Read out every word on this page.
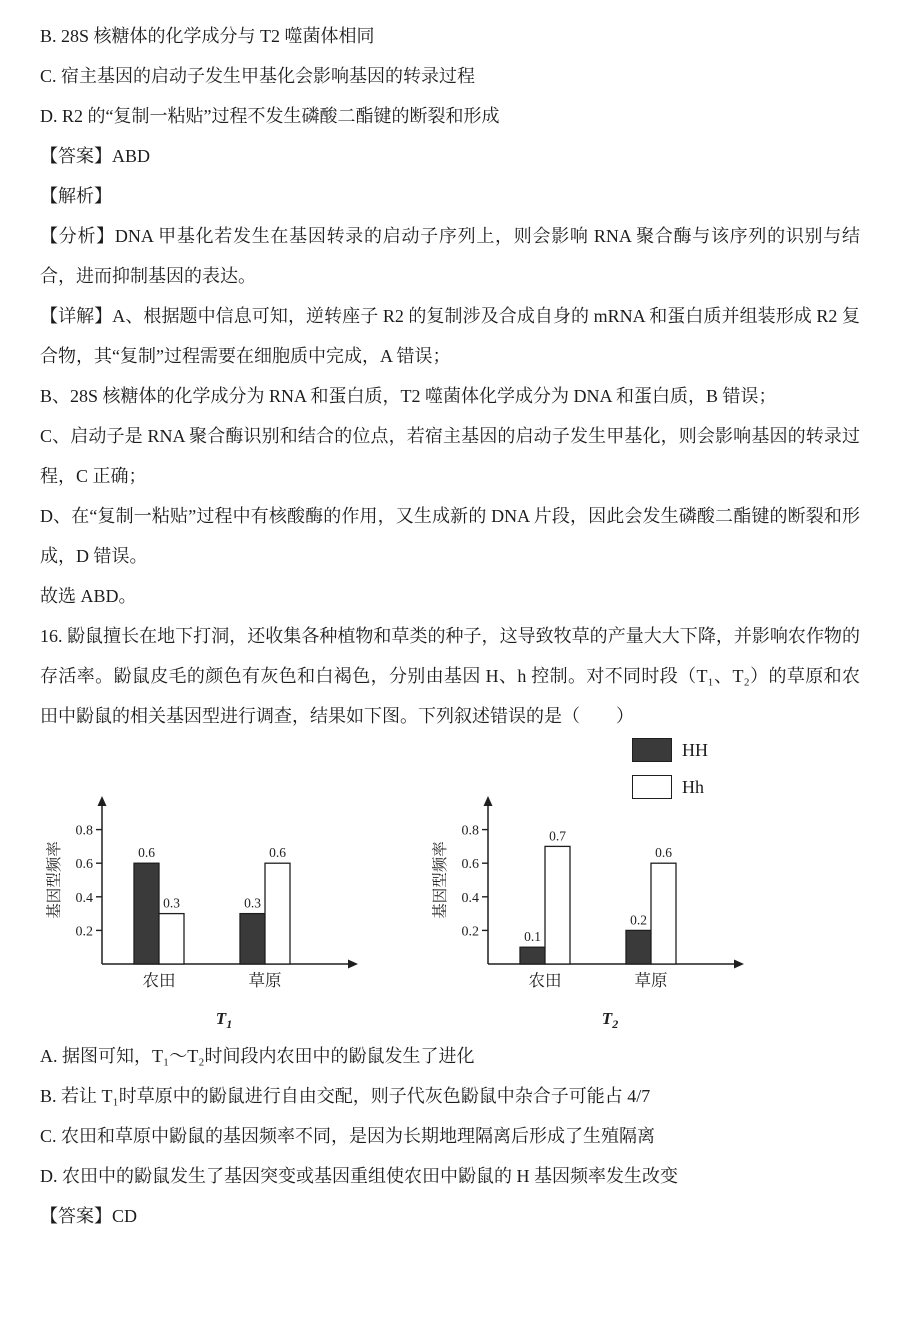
B. 28S 核糖体的化学成分与 T2 噬菌体相同

C. 宿主基因的启动子发生甲基化会影响基因的转录过程

D. R2 的“复制一粘贴”过程不发生磷酸二酯键的断裂和形成

【答案】ABD

【解析】

【分析】DNA 甲基化若发生在基因转录的启动子序列上，则会影响 RNA 聚合酶与该序列的识别与结合，进而抑制基因的表达。

【详解】A、根据题中信息可知，逆转座子 R2 的复制涉及合成自身的 mRNA 和蛋白质并组装形成 R2 复合物，其“复制”过程需要在细胞质中完成，A 错误；

B、28S 核糖体的化学成分为 RNA 和蛋白质，T2 噬菌体化学成分为 DNA 和蛋白质，B 错误；

C、启动子是 RNA 聚合酶识别和结合的位点，若宿主基因的启动子发生甲基化，则会影响基因的转录过程，C 正确；

D、在“复制一粘贴”过程中有核酸酶的作用，又生成新的 DNA 片段，因此会发生磷酸二酯键的断裂和形成，D 错误。

故选 ABD。

16. 鼢鼠擅长在地下打洞，还收集各种植物和草类的种子，这导致牧草的产量大大下降，并影响农作物的存活率。鼢鼠皮毛的颜色有灰色和白褐色，分别由基因 H、h 控制。对不同时段（T₁、T₂）的草原和农田中鼢鼠的相关基因型进行调查，结果如下图。下列叙述错误的是（　　）

HH
Hh
0.2
0.4
0.6
0.8
基因型频率	0.6
0.3
农田
0.3
0.6
草原
$T_1$
0.2
0.4
0.6
0.8
基因型频率
0.1
0.7
农田
0.2
0.6
草原
$T_2$

A. 据图可知，T₁～T₂时间段内农田中的鼢鼠发生了进化

B. 若让 T₁时草原中的鼢鼠进行自由交配，则子代灰色鼢鼠中杂合子可能占 4/7

C. 农田和草原中鼢鼠的基因频率不同，是因为长期地理隔离后形成了生殖隔离

D. 农田中的鼢鼠发生了基因突变或基因重组使农田中鼢鼠的 H 基因频率发生改变

【答案】CD
